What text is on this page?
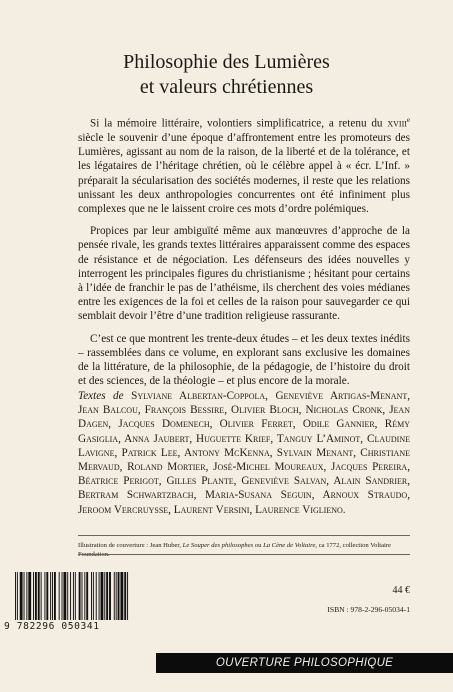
Philosophie des Lumières
et valeurs chrétiennes

Si la mémoire littéraire, volontiers simplificatrice, a retenu du xviii$^e$ siècle le souvenir d’une époque d’affrontement entre les promoteurs des Lumières, agissant au nom de la raison, de la liberté et de la tolérance, et les légataires de l’héritage chrétien, où le célèbre appel à « écr. L’Inf. » préparait la sécularisation des sociétés modernes, il reste que les relations unissant les deux anthropologies concurrentes ont été infiniment plus complexes que ne le laissent croire ces mots d’ordre polémiques.

Propices par leur ambiguïté même aux manœuvres d’approche de la pensée rivale, les grands textes littéraires apparaissent comme des espaces de résistance et de négociation. Les défenseurs des idées nouvelles y interrogent les principales figures du christianisme ; hésitant pour certains à l’idée de franchir le pas de l’athéisme, ils cherchent des voies médianes entre les exigences de la foi et celles de la raison pour sauvegarder ce qui semblait devoir l’être d’une tradition religieuse rassurante.

C’est ce que montrent les trente-deux études – et les deux textes inédits – rassemblées dans ce volume, en explorant sans exclusive les domaines de la littérature, de la philosophie, de la pédagogie, de l’histoire du droit et des sciences, de la théologie – et plus encore de la morale.

Textes de Sylviane Albertan-Coppola, Geneviève Artigas-Menant, Jean Balcou, François Bessire, Olivier Bloch, Nicholas Cronk, Jean Dagen, Jacques Domenech, Olivier Ferret, Odile Gannier, Rémy Gasiglia, Anna Jaubert, Huguette Krief, Tanguy L’Aminot, Claudine Lavigne, Patrick Lee, Antony McKenna, Sylvain Menant, Christiane Mervaud, Roland Mortier, José-Michel Moureaux, Jacques Pereira, Béatrice Perigot, Gilles Plante, Geneviève Salvan, Alain Sandrier, Bertram Schwartzbach, Maria-Susana Seguin, Arnoux Straudo, Jeroom Vercruysse, Laurent Versini, Laurence Viglieno.
Illustration de couverture : Jean Huber, Le Souper des philosophes ou La Cène de Voltaire, ca 1772, collection Voltaire Foundation.
9 782296 050341
44 €
ISBN : 978-2-296-05034-1
OUVERTURE PHILOSOPHIQUE
